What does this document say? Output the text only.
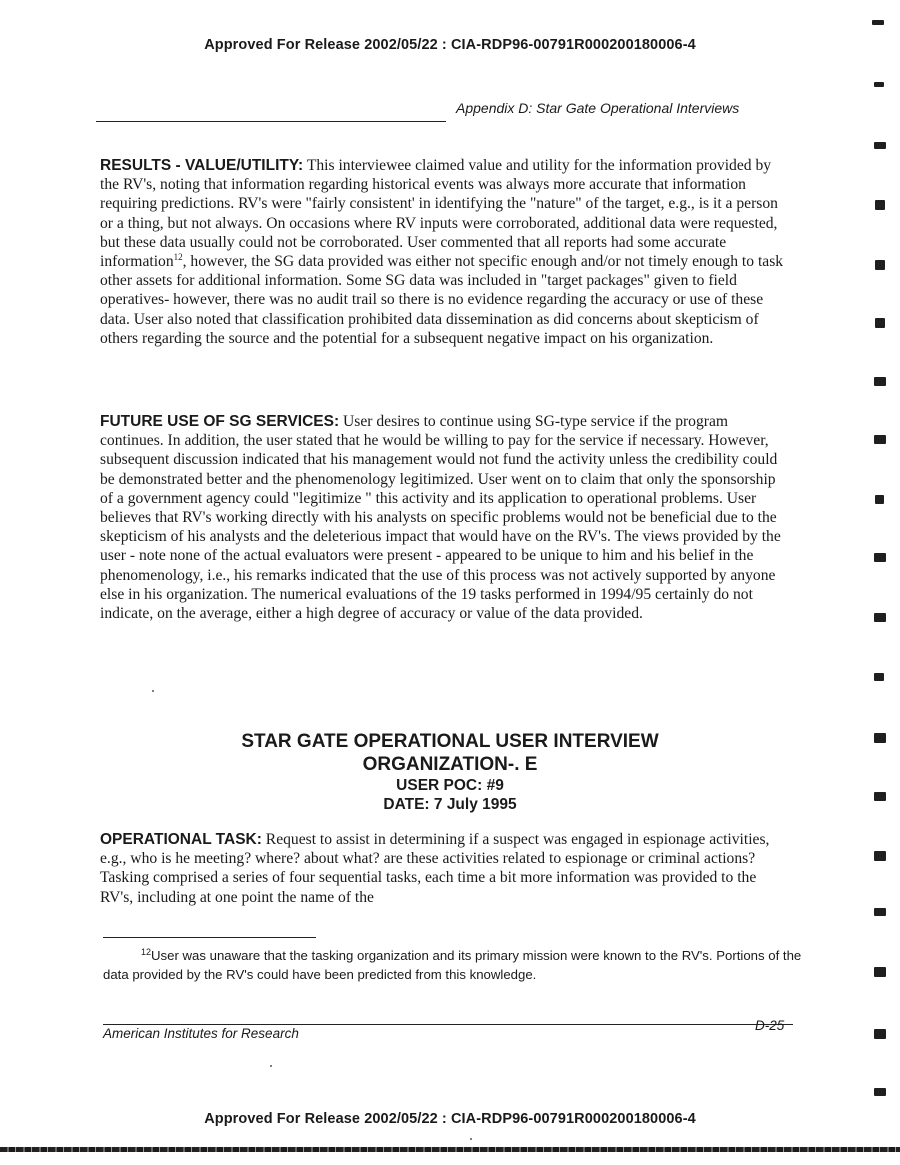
Approved For Release 2002/05/22 : CIA-RDP96-00791R000200180006-4
Appendix D: Star Gate Operational Interviews

RESULTS - VALUE/UTILITY: This interviewee claimed value and utility for the information provided by the RV's, noting that information regarding historical events was always more accurate that information requiring predictions. RV's were "fairly consistent' in identifying the "nature" of the target, e.g., is it a person or a thing, but not always. On occasions where RV inputs were corroborated, additional data were requested, but these data usually could not be corroborated. User commented that all reports had some accurate information$^{12}$, however, the SG data provided was either not specific enough and/or not timely enough to task other assets for additional information. Some SG data was included in "target packages" given to field operatives- however, there was no audit trail so there is no evidence regarding the accuracy or use of these data. User also noted that classification prohibited data dissemination as did concerns about skepticism of others regarding the source and the potential for a subsequent negative impact on his organization.

FUTURE USE OF SG SERVICES: User desires to continue using SG-type service if the program continues. In addition, the user stated that he would be willing to pay for the service if necessary. However, subsequent discussion indicated that his management would not fund the activity unless the credibility could be demonstrated better and the phenomenology legitimized. User went on to claim that only the sponsorship of a government agency could "legitimize " this activity and its application to operational problems. User believes that RV's working directly with his analysts on specific problems would not be beneficial due to the skepticism of his analysts and the deleterious impact that would have on the RV's. The views provided by the user - note none of the actual evaluators were present - appeared to be unique to him and his belief in the phenomenology, i.e., his remarks indicated that the use of this process was not actively supported by anyone else in his organization. The numerical evaluations of the 19 tasks performed in 1994/95 certainly do not indicate, on the average, either a high degree of accuracy or value of the data provided.

STAR GATE OPERATIONAL USER INTERVIEW
ORGANIZATION-. E
USER POC: #9
DATE: 7 July 1995

OPERATIONAL TASK: Request to assist in determining if a suspect was engaged in espionage activities, e.g., who is he meeting? where? about what? are these activities related to espionage or criminal actions? Tasking comprised a series of four sequential tasks, each time a bit more information was provided to the RV's, including at one point the name of the

$^{12}$User was unaware that the tasking organization and its primary mission were known to the RV's. Portions of the data provided by the RV's could have been predicted from this knowledge.

American Institutes for Research
D-25
Approved For Release 2002/05/22 : CIA-RDP96-00791R000200180006-4
